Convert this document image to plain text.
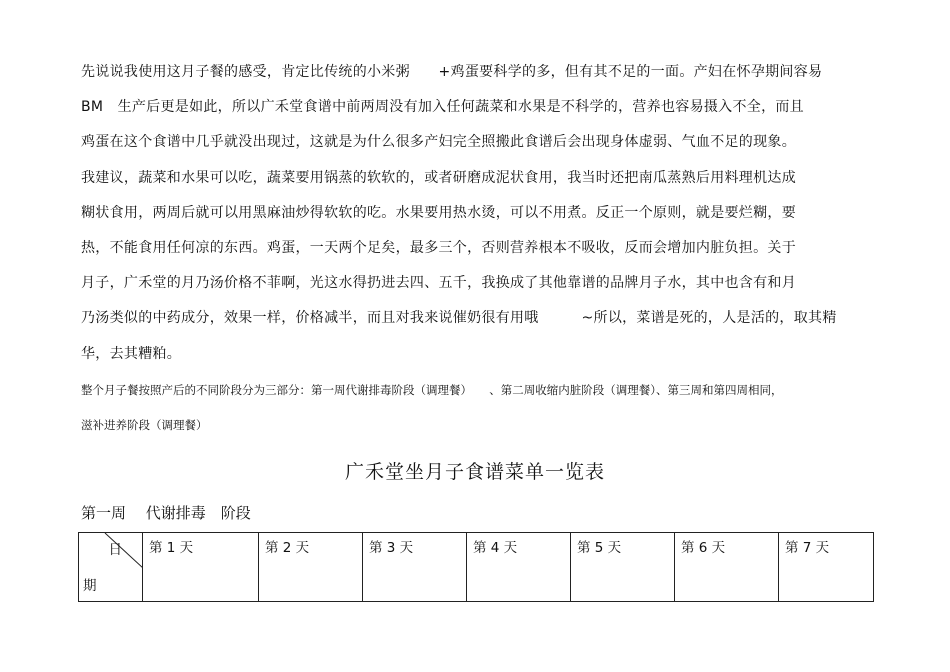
先说说我使用这月子餐的感受，肯定比传统的小米粥　　+鸡蛋要科学的多，但有其不足的一面。产妇在怀孕期间容易
BM　生产后更是如此，所以广禾堂食谱中前两周没有加入任何蔬菜和水果是不科学的，营养也容易摄入不全，而且
鸡蛋在这个食谱中几乎就没出现过，这就是为什么很多产妇完全照搬此食谱后会出现身体虚弱、气血不足的现象。
我建议，蔬菜和水果可以吃，蔬菜要用锅蒸的软软的，或者研磨成泥状食用，我当时还把南瓜蒸熟后用料理机达成
糊状食用，两周后就可以用黑麻油炒得软软的吃。水果要用热水烫，可以不用煮。反正一个原则，就是要烂糊，要
热，不能食用任何凉的东西。鸡蛋，一天两个足矣，最多三个，否则营养根本不吸收，反而会增加内脏负担。关于
月子，广禾堂的月乃汤价格不菲啊，光这水得扔进去四、五千，我换成了其他靠谱的品牌月子水，其中也含有和月
乃汤类似的中药成分，效果一样，价格减半，而且对我来说催奶很有用哦　　　~所以，菜谱是死的，人是活的，取其精
华，去其糟粕。
整个月子餐按照产后的不同阶段分为三部分：第一周代谢排毒阶段（调理餐）　　、第二周收缩内脏阶段（调理餐）、第三周和第四周相同，
滋补进养阶段（调理餐）
广禾堂坐月子食谱菜单一览表
第一周　 代谢排毒　阶段
日
期
	第 1 天	第 2 天	第 3 天	第 4 天	第 5 天	第 6 天	第 7 天
